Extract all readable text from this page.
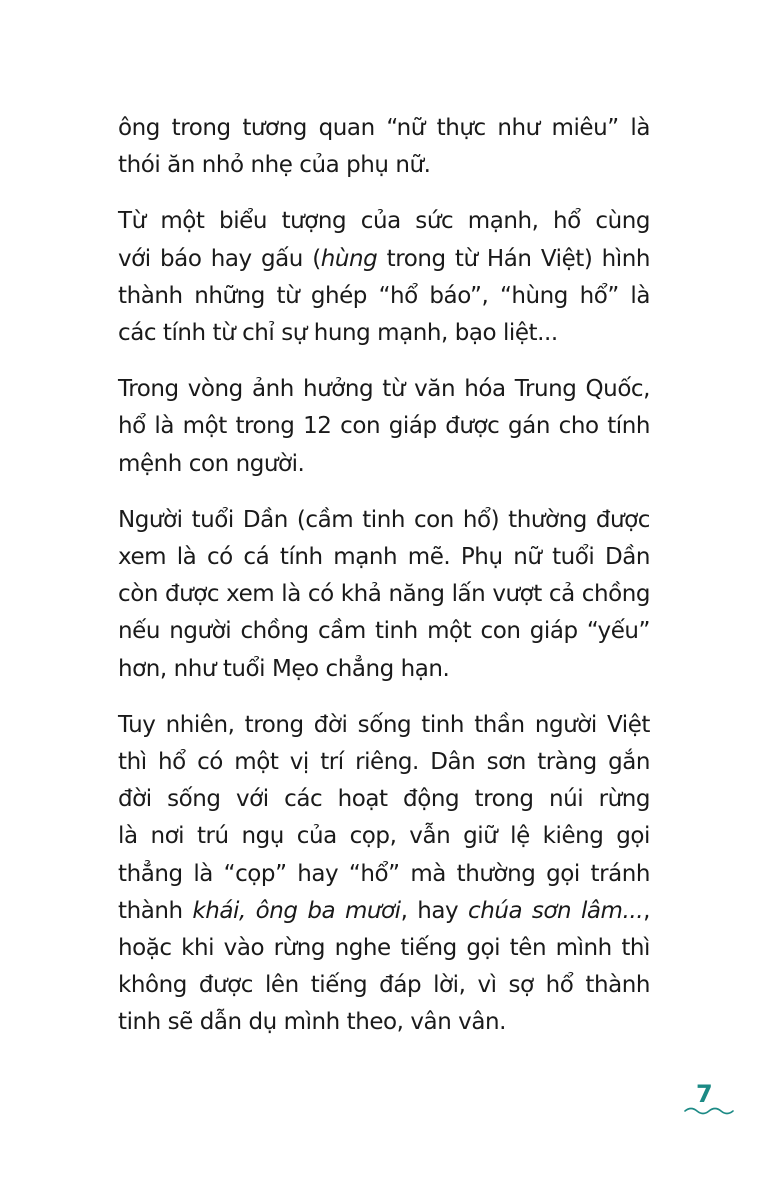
ông trong tương quan “nữ thực như miêu” là
thói ăn nhỏ nhẹ của phụ nữ.

Từ một biểu tượng của sức mạnh, hổ cùng
với báo hay gấu (hùng trong từ Hán Việt) hình
thành những từ ghép “hổ báo”, “hùng hổ” là
các tính từ chỉ sự hung mạnh, bạo liệt...

Trong vòng ảnh hưởng từ văn hóa Trung Quốc,
hổ là một trong 12 con giáp được gán cho tính
mệnh con người.

Người tuổi Dần (cầm tinh con hổ) thường được
xem là có cá tính mạnh mẽ. Phụ nữ tuổi Dần
còn được xem là có khả năng lấn vượt cả chồng
nếu người chồng cầm tinh một con giáp “yếu”
hơn, như tuổi Mẹo chẳng hạn.

Tuy nhiên, trong đời sống tinh thần người Việt
thì hổ có một vị trí riêng. Dân sơn tràng gắn
đời sống với các hoạt động trong núi rừng
là nơi trú ngụ của cọp, vẫn giữ lệ kiêng gọi
thẳng là “cọp” hay “hổ” mà thường gọi tránh
thành khái, ông ba mươi, hay chúa sơn lâm...,
hoặc khi vào rừng nghe tiếng gọi tên mình thì
không được lên tiếng đáp lời, vì sợ hổ thành
tinh sẽ dẫn dụ mình theo, vân vân.

7
